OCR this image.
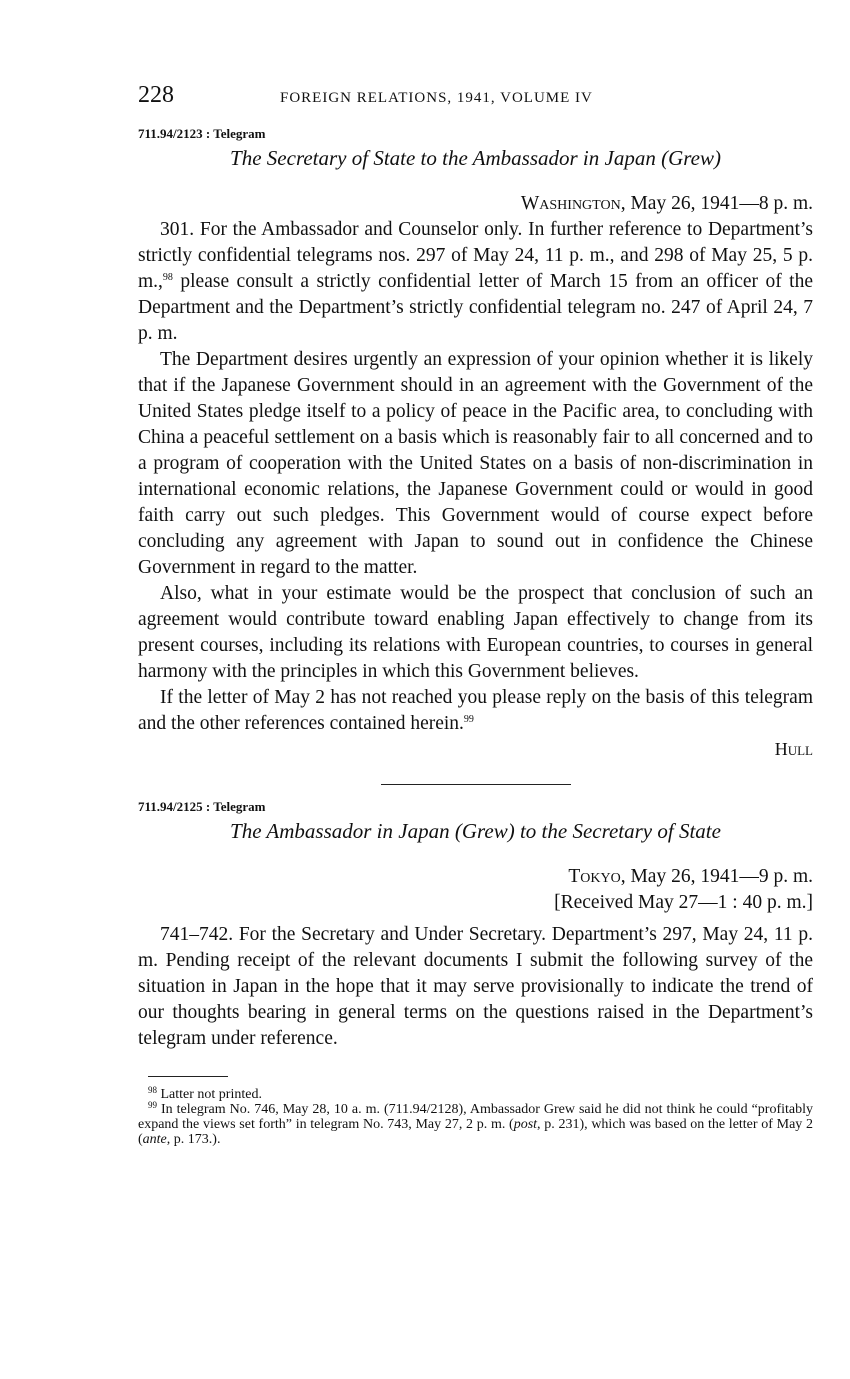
228	FOREIGN RELATIONS, 1941, VOLUME IV
711.94/2123 : Telegram
The Secretary of State to the Ambassador in Japan (Grew)
Washington, May 26, 1941—8 p. m.

301. For the Ambassador and Counselor only. In further reference to Department’s strictly confidential telegrams nos. 297 of May 24, 11 p. m., and 298 of May 25, 5 p. m.,$^{98}$ please consult a strictly confidential letter of March 15 from an officer of the Department and the Department’s strictly confidential telegram no. 247 of April 24, 7 p. m.

The Department desires urgently an expression of your opinion whether it is likely that if the Japanese Government should in an agreement with the Government of the United States pledge itself to a policy of peace in the Pacific area, to concluding with China a peaceful settlement on a basis which is reasonably fair to all concerned and to a program of cooperation with the United States on a basis of non-discrimination in international economic relations, the Japanese Government could or would in good faith carry out such pledges. This Government would of course expect before concluding any agreement with Japan to sound out in confidence the Chinese Government in regard to the matter.

Also, what in your estimate would be the prospect that conclusion of such an agreement would contribute toward enabling Japan effectively to change from its present courses, including its relations with European countries, to courses in general harmony with the principles in which this Government believes.

If the letter of May 2 has not reached you please reply on the basis of this telegram and the other references contained herein.$^{99}$

Hull
711.94/2125 : Telegram
The Ambassador in Japan (Grew) to the Secretary of State
Tokyo, May 26, 1941—9 p. m.
[Received May 27—1 : 40 p. m.]

741–742. For the Secretary and Under Secretary. Department’s 297, May 24, 11 p. m. Pending receipt of the relevant documents I submit the following survey of the situation in Japan in the hope that it may serve provisionally to indicate the trend of our thoughts bearing in general terms on the questions raised in the Department’s telegram under reference.

$^{98}$ Latter not printed.

$^{99}$ In telegram No. 746, May 28, 10 a. m. (711.94/2128), Ambassador Grew said he did not think he could “profitably expand the views set forth” in telegram No. 743, May 27, 2 p. m. (post, p. 231), which was based on the letter of May 2 (ante, p. 173.).
